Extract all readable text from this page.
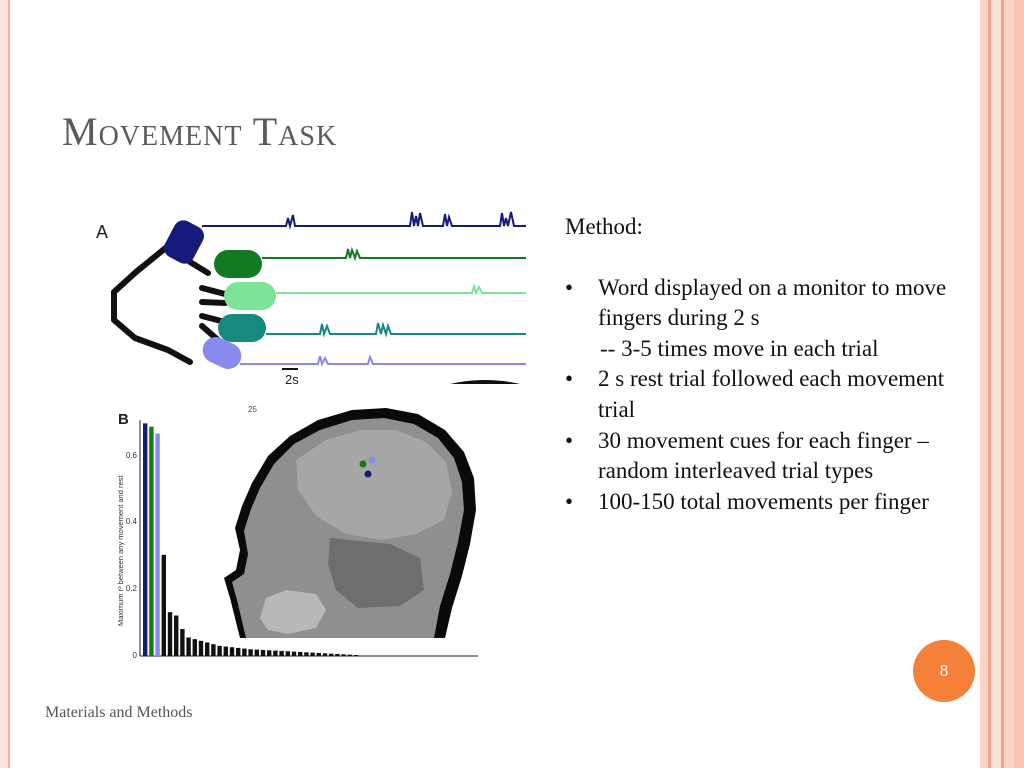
Movement Task
A
2s
B
25
0.6
0.4
0.2
0
Maximum r² between any movement and rest

Method:

• Word displayed on a monitor to move fingers during 2 s
-- 3-5 times move in each trial
• 2 s rest trial followed each movement trial
• 30 movement cues for each finger – random interleaved trial types
• 100-150 total movements per finger
Materials and Methods
8
